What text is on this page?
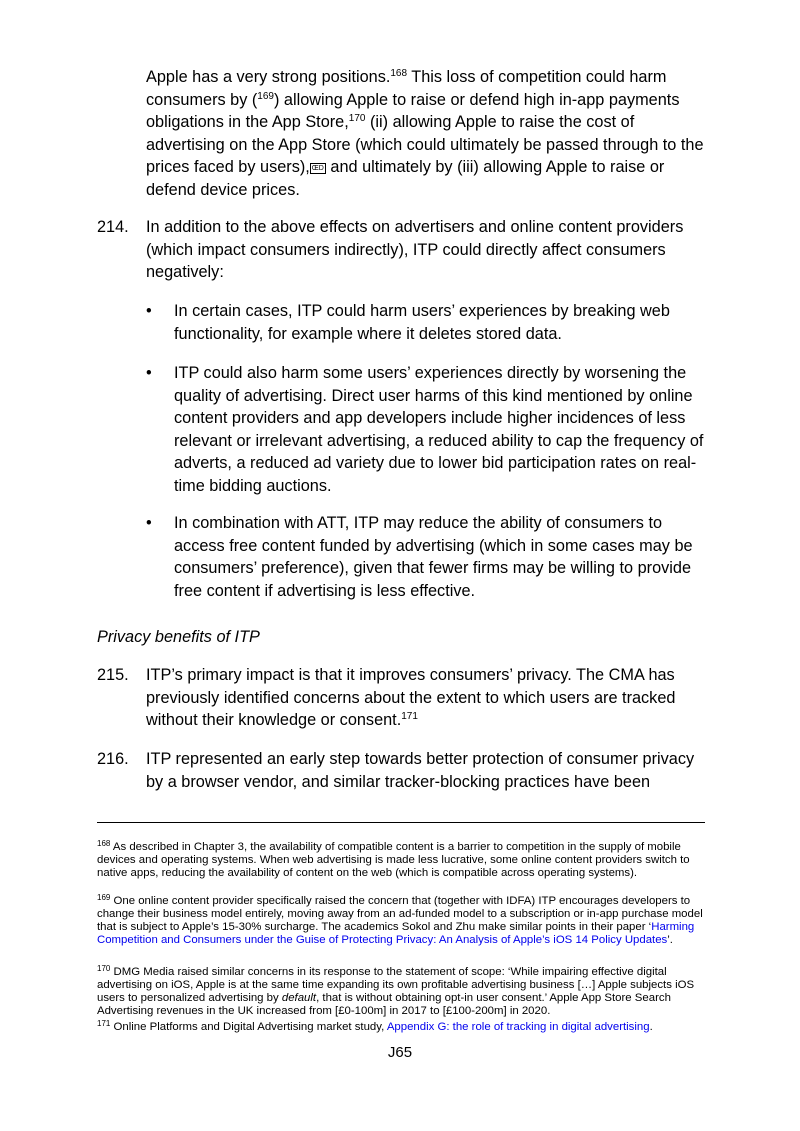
Apple has a very strong positions.$^{168}$ This loss of competition could harm consumers by ($^{169}$) allowing Apple to raise or defend high in-app payments obligations in the App Store,$^{170}$ (ii) allowing Apple to raise the cost of advertising on the App Store (which could ultimately be passed through to the prices faced by users), ŒD and ultimately by (iii) allowing Apple to raise or defend device prices.
214. In addition to the above effects on advertisers and online content providers (which impact consumers indirectly), ITP could directly affect consumers negatively:
• In certain cases, ITP could harm users’ experiences by breaking web functionality, for example where it deletes stored data.
• ITP could also harm some users’ experiences directly by worsening the quality of advertising. Direct user harms of this kind mentioned by online content providers and app developers include higher incidences of less relevant or irrelevant advertising, a reduced ability to cap the frequency of adverts, a reduced ad variety due to lower bid participation rates on real-time bidding auctions.
• In combination with ATT, ITP may reduce the ability of consumers to access free content funded by advertising (which in some cases may be consumers’ preference), given that fewer firms may be willing to provide free content if advertising is less effective.
Privacy benefits of ITP
215. ITP’s primary impact is that it improves consumers’ privacy. The CMA has previously identified concerns about the extent to which users are tracked without their knowledge or consent.$^{171}$
216. ITP represented an early step towards better protection of consumer privacy by a browser vendor, and similar tracker-blocking practices have been
$^{168}$ As described in Chapter 3, the availability of compatible content is a barrier to competition in the supply of mobile devices and operating systems. When web advertising is made less lucrative, some online content providers switch to native apps, reducing the availability of content on the web (which is compatible across operating systems).
$^{169}$ One online content provider specifically raised the concern that (together with IDFA) ITP encourages developers to change their business model entirely, moving away from an ad-funded model to a subscription or in-app purchase model that is subject to Apple’s 15-30% surcharge. The academics Sokol and Zhu make similar points in their paper ‘Harming Competition and Consumers under the Guise of Protecting Privacy: An Analysis of Apple’s iOS 14 Policy Updates’.
$^{170}$ DMG Media raised similar concerns in its response to the statement of scope: ‘While impairing effective digital advertising on iOS, Apple is at the same time expanding its own profitable advertising business […] Apple subjects iOS users to personalized advertising by default, that is without obtaining opt-in user consent.’ Apple App Store Search Advertising revenues in the UK increased from [£0-100m] in 2017 to [£100-200m] in 2020.
$^{171}$ Online Platforms and Digital Advertising market study, Appendix G: the role of tracking in digital advertising.
J65
